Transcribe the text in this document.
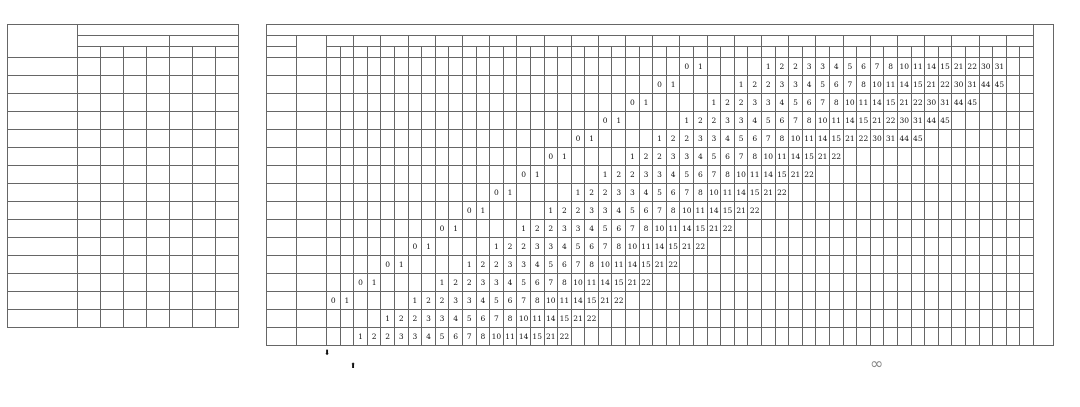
																												0	1					1	2	2	3	3	4	5	6	7	8	10	11	14	15	21	22	30	31			
																										0	1					1	2	2	3	3	4	5	6	7	8	10	11	14	15	21	22	30	31	44	45			
																								0	1					1	2	2	3	3	4	5	6	7	8	10	11	14	15	21	22	30	31	44	45					
																						0	1					1	2	2	3	3	4	5	6	7	8	10	11	14	15	21	22	30	31	44	45							
																				0	1					1	2	2	3	3	4	5	6	7	8	10	11	14	15	21	22	30	31	44	45									
																		0	1					1	2	2	3	3	4	5	6	7	8	10	11	14	15	21	22															
																0	1					1	2	2	3	3	4	5	6	7	8	10	11	14	15	21	22																	
														0	1					1	2	2	3	3	4	5	6	7	8	10	11	14	15	21	22																			
												0	1					1	2	2	3	3	4	5	6	7	8	10	11	14	15	21	22																					
										0	1					1	2	2	3	3	4	5	6	7	8	10	11	14	15	21	22																							
								0	1					1	2	2	3	3	4	5	6	7	8	10	11	14	15	21	22																									
						0	1					1	2	2	3	3	4	5	6	7	8	10	11	14	15	21	22																											
				0	1					1	2	2	3	3	4	5	6	7	8	10	11	14	15	21	22																													
		0	1					1	2	2	3	3	4	5	6	7	8	10	11	14	15	21	22																															
						1	2	2	3	3	4	5	6	7	8	10	11	14	15	21	22																																	
				1	2	2	3	3	4	5	6	7	8	10	11	14	15	21	22																																			
⬇
⬆	∞
